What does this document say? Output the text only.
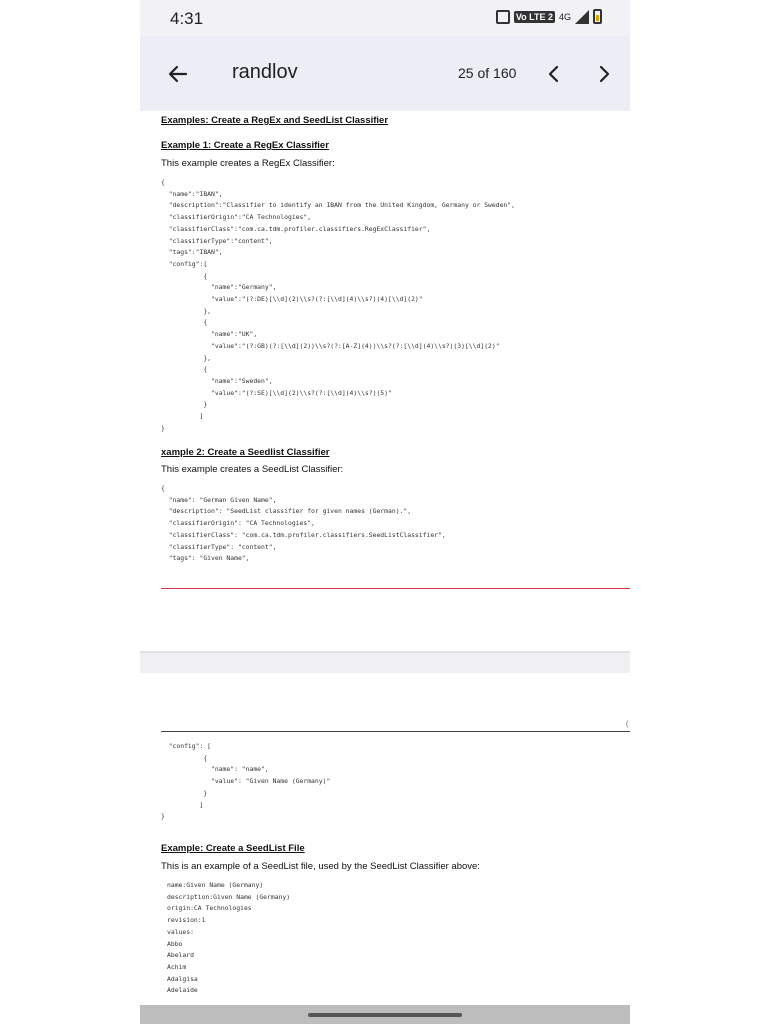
4:31	Vo LTE 2 4G
randlov	25 of 160
Examples: Create a RegEx and SeedList Classifier
Example 1: Create a RegEx Classifier
This example creates a RegEx Classifier:
{
"name":"IBAN",
"description":"Classifier to identify an IBAN from the United Kingdom, Germany or Sweden",
"classifierOrigin":"CA Technologies",
"classifierClass":"com.ca.tdm.profiler.classifiers.RegExClassifier",
"classifierType":"content",
"tags":"IBAN",
"config":[
{
"name":"Germany",
"value":"(?:DE)[\\d](2)\\s?(?:[\\d](4)\\s?)(4)[\\d](2)"
},
{
"name":"UK",
"value":"(?:GB)(?:[\\d](2))\\s?(?:[A-Z](4))\\s?(?:[\\d](4)\\s?)(3)[\\d](2)"
},
{
"name":"Sweden",
"value":"(?:SE)[\\d](2)\\s?(?:[\\d](4)\\s?)(5)"
}
]
}
xample 2: Create a Seedlist Classifier
This example creates a SeedList Classifier:
{
"name": "German Given Name",
"description": "SeedList classifier for given names (German).",
"classifierOrigin": "CA Technologies",
"classifierClass": "com.ca.tdm.profiler.classifiers.SeedListClassifier",
"classifierType": "content",
"tags": "Given Name",
(
"config": [
{
"name": "name",
"value": "Given Name (Germany)"
}
]
}
Example: Create a SeedList File
This is an example of a SeedList file, used by the SeedList Classifier above:
name:Given Name (Germany)
description:Given Name (Germany)
origin:CA Technologies
revision:1
values:
Abbo
Abelard
Achim
Adalgisa
Adelaide
